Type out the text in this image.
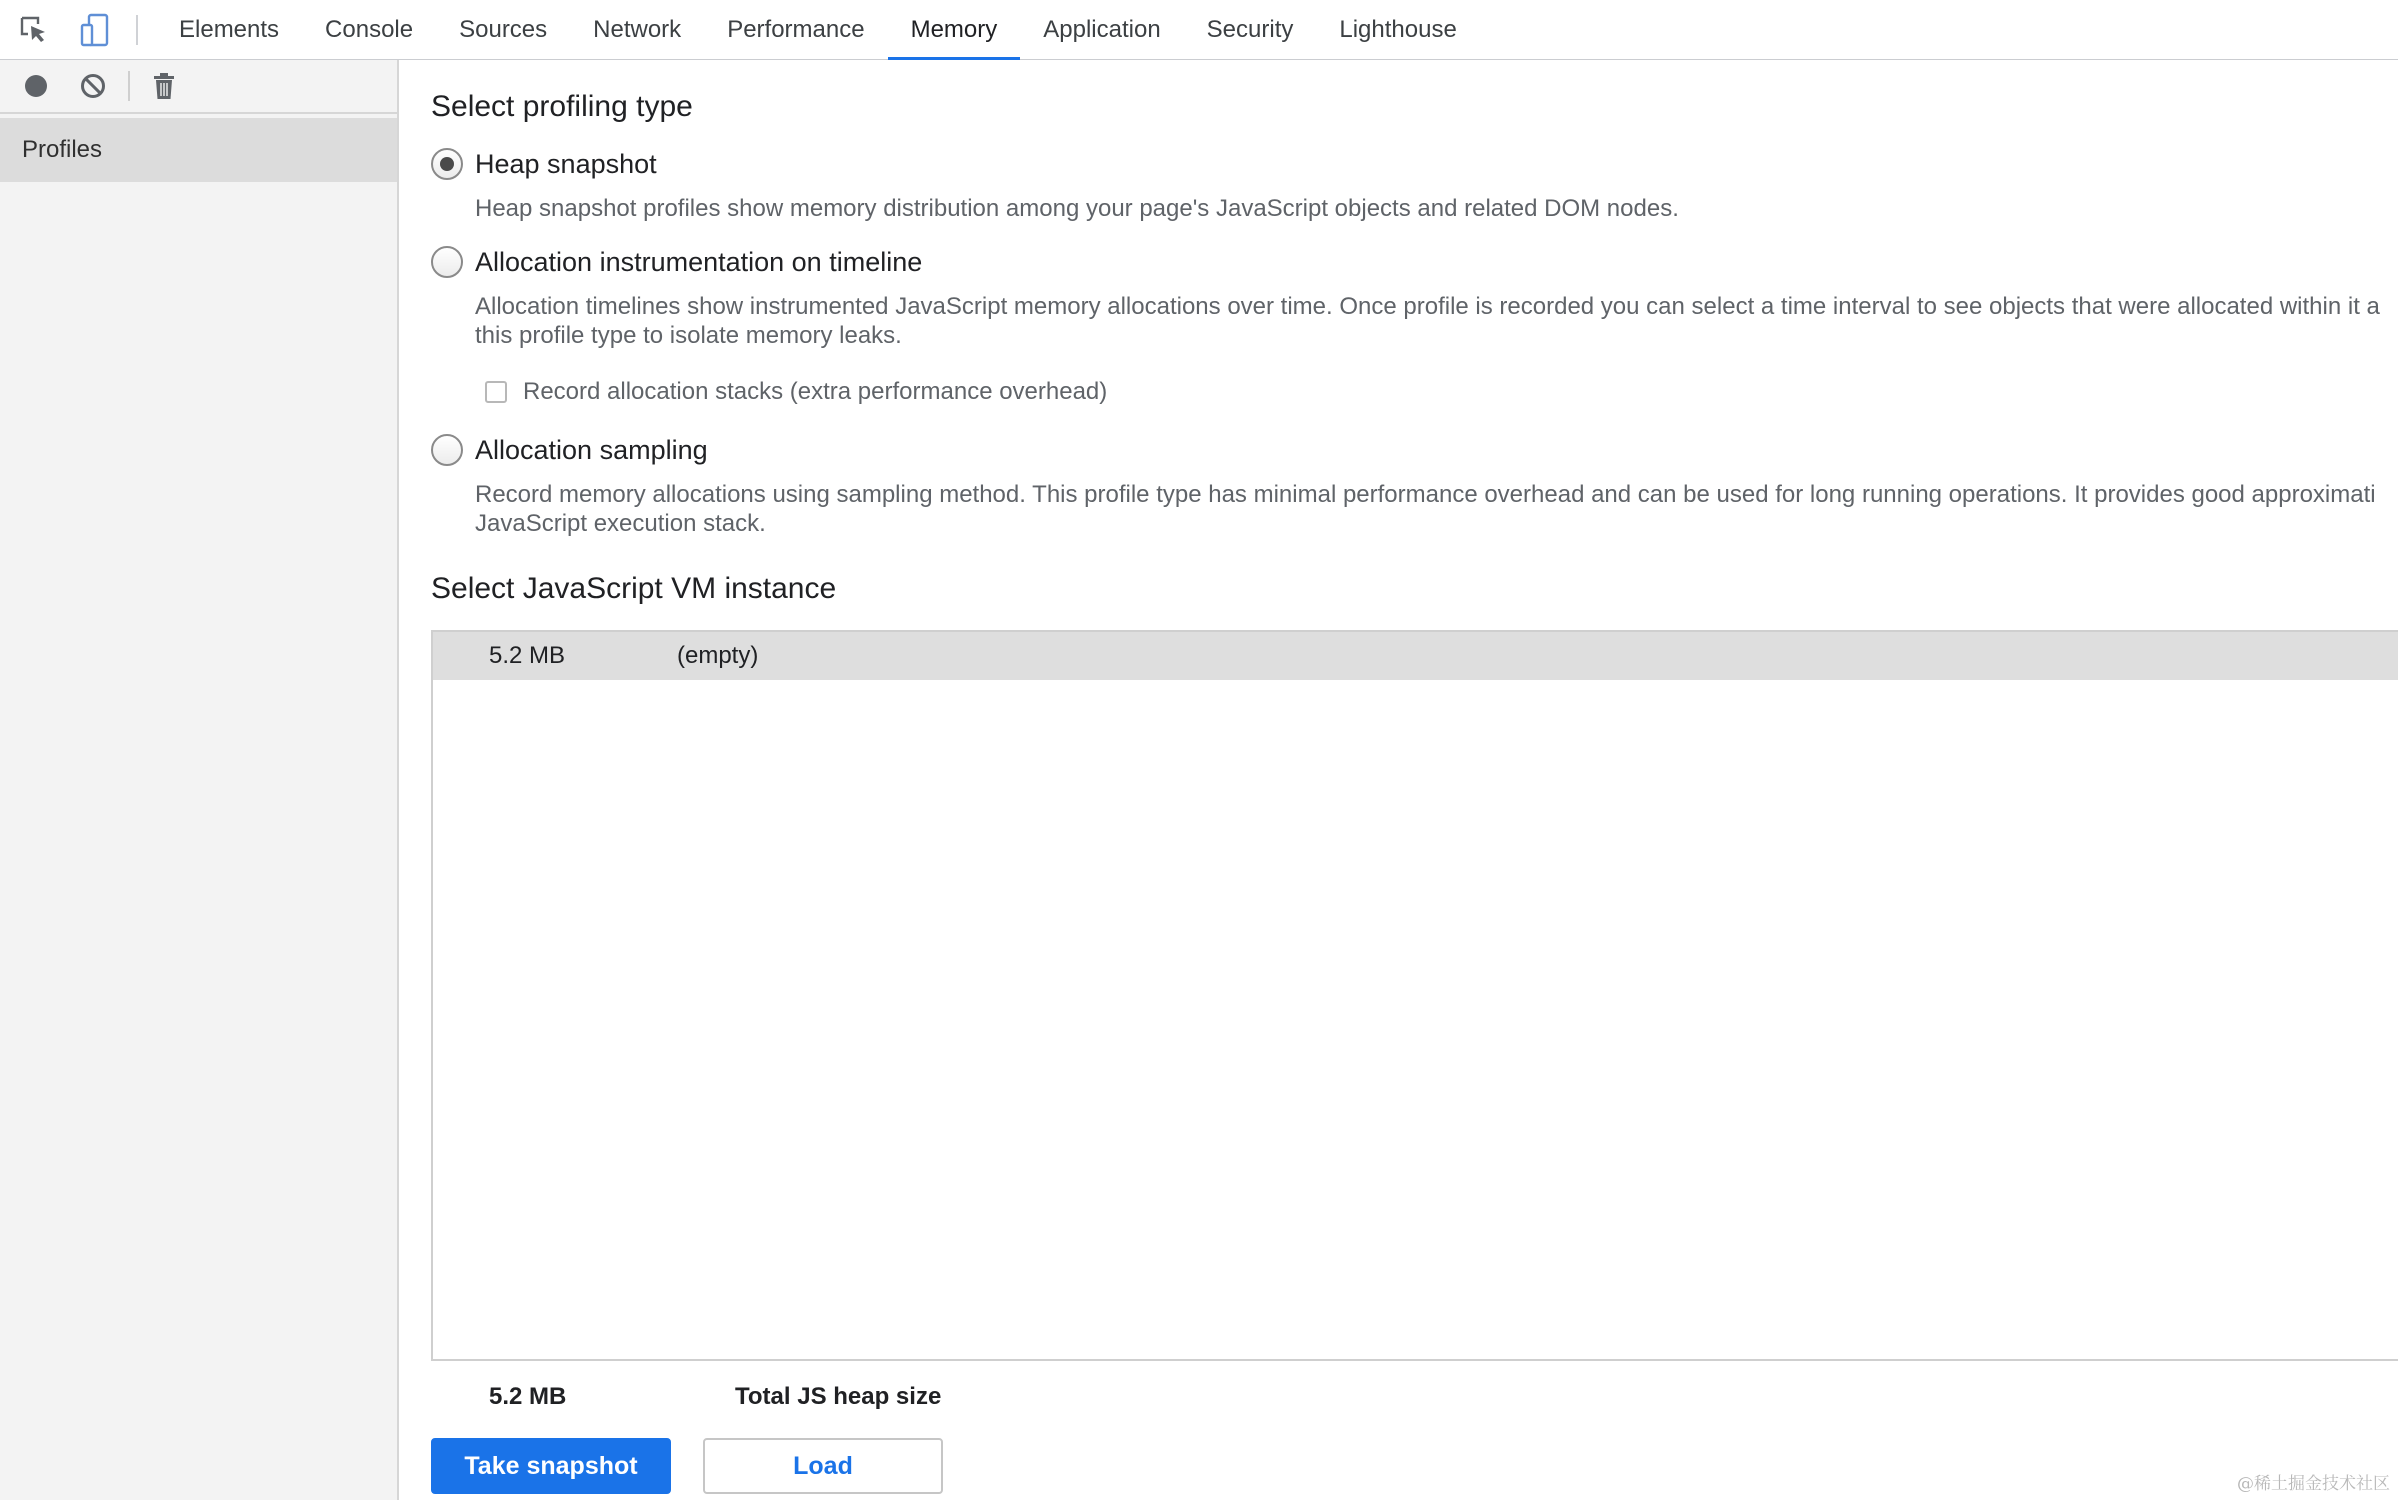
Elements	Console	Sources	Network	Performance	Memory	Application	Security	Lighthouse
Profiles
Select profiling type
Heap snapshot
Heap snapshot profiles show memory distribution among your page's JavaScript objects and related DOM nodes.
Allocation instrumentation on timeline
Allocation timelines show instrumented JavaScript memory allocations over time. Once profile is recorded you can select a time interval to see objects that were allocated within it a
this profile type to isolate memory leaks.
Record allocation stacks (extra performance overhead)
Allocation sampling
Record memory allocations using sampling method. This profile type has minimal performance overhead and can be used for long running operations. It provides good approximati
JavaScript execution stack.
Select JavaScript VM instance
5.2 MB	(empty)
5.2 MB	Total JS heap size
Take snapshot	Load
@稀土掘金技术社区
